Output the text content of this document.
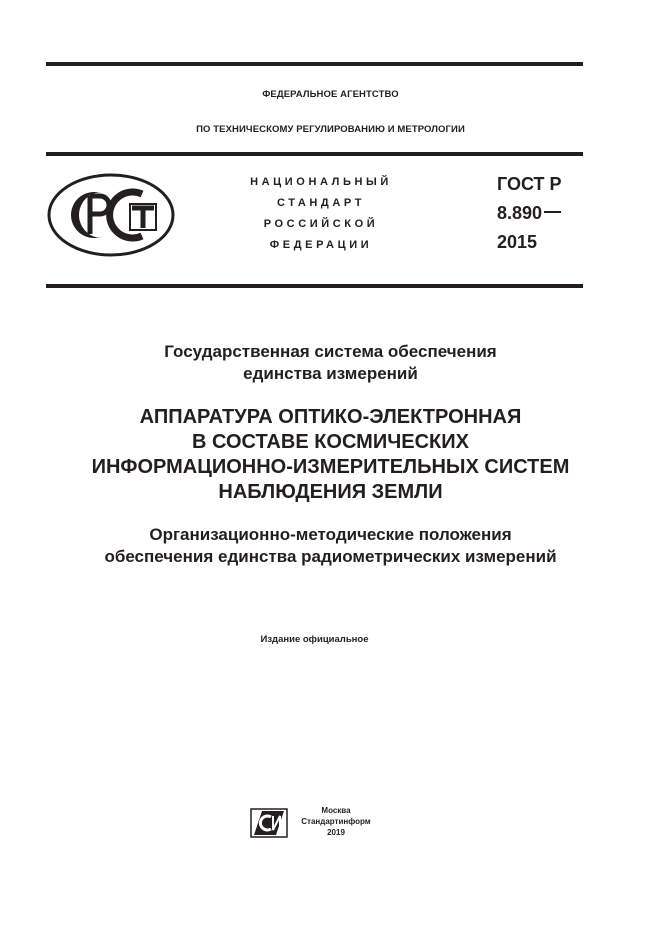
ФЕДЕРАЛЬНОЕ АГЕНТСТВО
ПО ТЕХНИЧЕСКОМУ РЕГУЛИРОВАНИЮ И МЕТРОЛОГИИ
НАЦИОНАЛЬНЫЙ
СТАНДАРТ
РОССИЙСКОЙ
ФЕДЕРАЦИИ
ГОСТ Р
8.890
2015
Государственная система обеспечения
единства измерений
АППАРАТУРА ОПТИКО-ЭЛЕКТРОННАЯ
В СОСТАВЕ КОСМИЧЕСКИХ
ИНФОРМАЦИОННО-ИЗМЕРИТЕЛЬНЫХ СИСТЕМ
НАБЛЮДЕНИЯ ЗЕМЛИ
Организационно-методические положения
обеспечения единства радиометрических измерений
Издание официальное
Москва
Стандартинформ
2019
